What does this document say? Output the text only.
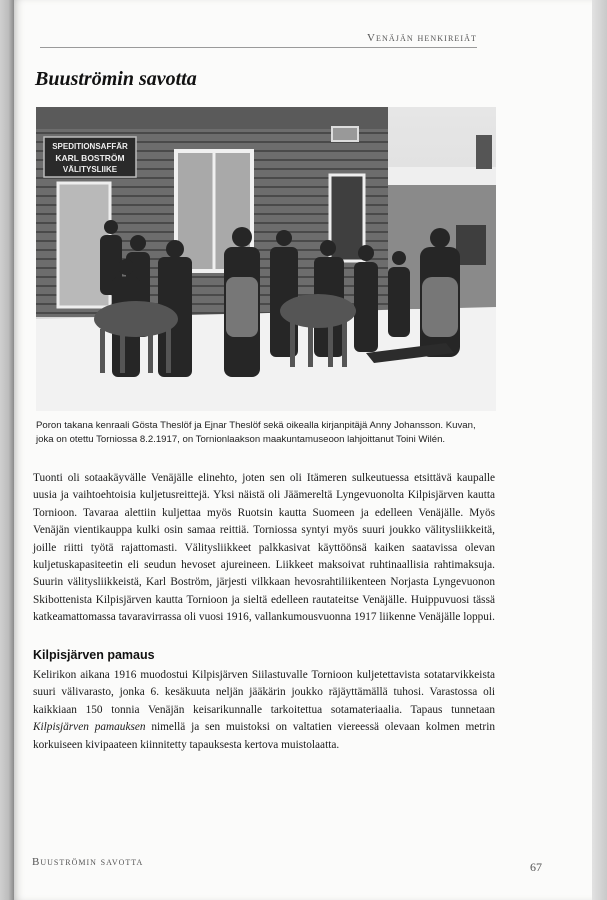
Venäjän henkireiät
Buuströmin savotta
SPEDITIONSAFFÄR
KARL BOSTRÖM
VÄLITYSLIIKE
Poron takana kenraali Gösta Theslöf ja Ejnar Theslöf sekä oikealla kirjanpitäjä Anny Johansson. Kuvan,
joka on otettu Torniossa 8.2.1917, on Tornionlaakson maakuntamuseoon lahjoittanut Toini Wilén.

Tuonti oli sotaakäyvälle Venäjälle elinehto, joten sen oli Itämeren sulkeutuessa etsittävä kaupalle uusia ja vaihtoehtoisia kuljetusreittejä. Yksi näistä oli Jäämereltä Lyngevuonolta Kilpisjärven kautta Tornioon. Tavaraa alettiin kuljettaa myös Ruotsin kautta Suomeen ja edelleen Venäjälle. Myös Venäjän vientikauppa kulki osin samaa reittiä. Torniossa syntyi myös suuri joukko välitysliikkeitä, joille riitti työtä rajattomasti. Välitysliikkeet palkkasivat käyttöönsä kaiken saatavissa olevan kuljetuskapasiteetin eli seudun hevoset ajureineen. Liikkeet maksoivat ruhtinaallisia rahtimaksuja. Suurin välitysliikkeistä, Karl Boström, järjesti vilkkaan hevosrahtiliikenteen Norjasta Lyngevuonon Skibottenista Kilpisjärven kautta Tornioon ja sieltä edelleen rautateitse Venäjälle. Huippuvuosi tässä katkeamattomassa tavaravirrassa oli vuosi 1916, vallankumousvuonna 1917 liikenne Venäjälle loppui.

Kilpisjärven pamaus

Kelirikon aikana 1916 muodostui Kilpisjärven Siilastuvalle Tornioon kuljetettavista sotatarvikkeista suuri välivarasto, jonka 6. kesäkuuta neljän jääkärin joukko räjäyttämällä tuhosi. Varastossa oli kaikkiaan 150 tonnia Venäjän keisarikunnalle tarkoitettua sotamateriaalia. Tapaus tunnetaan Kilpisjärven pamauksen nimellä ja sen muistoksi on valtatien viereessä olevaan kolmen metrin korkuiseen kivipaateen kiinnitetty tapauksesta kertova muistolaatta.

Buuströmin savotta	67
